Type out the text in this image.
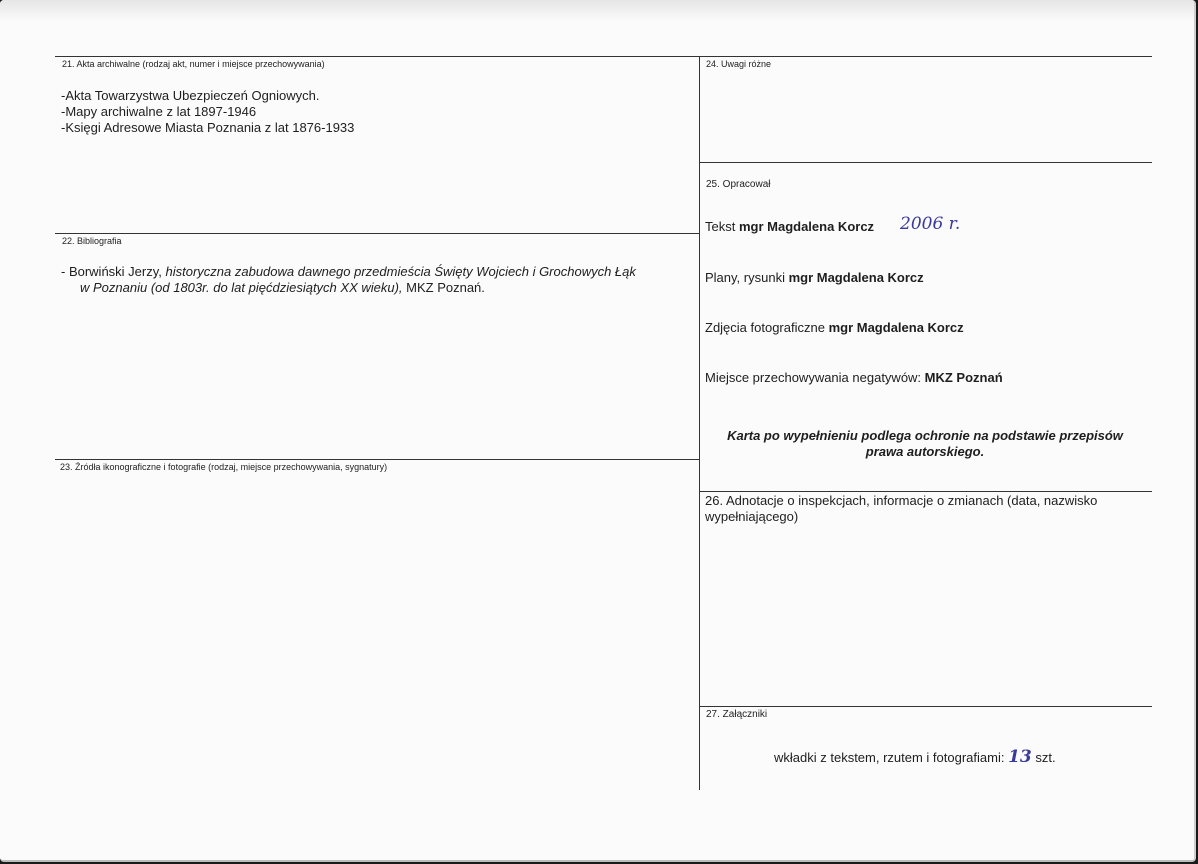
21. Akta archiwalne (rodzaj akt, numer i miejsce przechowywania)
-Akta Towarzystwa Ubezpieczeń Ogniowych.
-Mapy archiwalne z lat 1897-1946
-Księgi Adresowe Miasta Poznania z lat 1876-1933
22. Bibliografia
- Borwiński Jerzy, historyczna zabudowa dawnego przedmieścia Święty Wojciech i Grochowych Łąk
w Poznaniu (od 1803r. do lat pięćdziesiątych XX wieku), MKZ Poznań.
23. Źródła ikonograficzne i fotografie (rodzaj, miejsce przechowywania, sygnatury)
24. Uwagi różne
25. Opracował
Tekst mgr Magdalena Korcz 2006 r.
Plany, rysunki mgr Magdalena Korcz
Zdjęcia fotograficzne mgr Magdalena Korcz
Miejsce przechowywania negatywów: MKZ Poznań
Karta po wypełnieniu podlega ochronie na podstawie przepisów
prawa autorskiego.
26. Adnotacje o inspekcjach, informacje o zmianach (data, nazwisko
wypełniającego)
27. Załączniki
wkładki z tekstem, rzutem i fotografiami: 13 szt.
